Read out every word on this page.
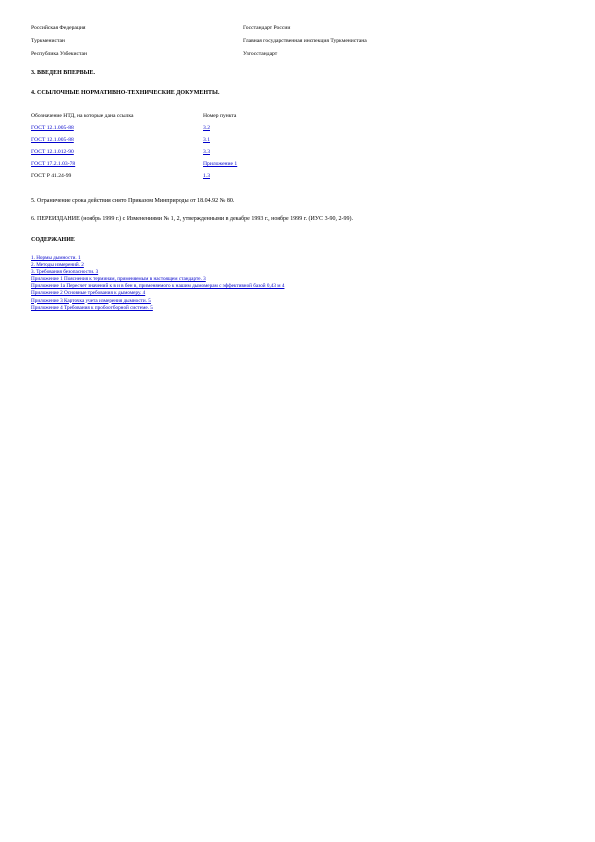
Российская Федерация	Госстандарт России
Туркменистан	Главная государственная инспекция Туркменистана
Республика Узбекистан	Узгосстандарт
3. ВВЕДЕН ВПЕРВЫЕ.
4. ССЫЛОЧНЫЕ НОРМАТИВНО-ТЕХНИЧЕСКИЕ ДОКУМЕНТЫ.
Обозначение НТД, на которые дана ссылка	Номер пункта
ГОСТ 12.1.005-88	3.2
ГОСТ 12.1.005-88	3.1
ГОСТ 12.1.012-90	3.3
ГОСТ 17.2.1.03-78	Приложение 1
ГОСТ Р 41.24-99	1.3
5. Ограничение срока действия снято Приказом Минприроды от 18.04.92 № 80.
6. ПЕРЕИЗДАНИЕ (ноябрь 1999 г.) с Изменениями № 1, 2, утвержденными в декабре 1993 г., ноябре 1999 г. (ИУС 3-90, 2-99).
СОДЕРЖАНИЕ
1. Нормы дымности. 1
2. Методы измерений. 2
3. Требования безопасности. 3
Приложение 1 Пояснения к терминам, применяемым в настоящем стандарте. 3
Приложение 1а Пересчет значений к в и в бен в, применяемого к нашим дымомерам с эффективной базой 0,43 м 4
Приложение 2 Основные требования к дымомеру. 4
Приложение 3 Карточка учета измерения дымности. 5
Приложение 4 Требования к пробоотборной системе. 5
